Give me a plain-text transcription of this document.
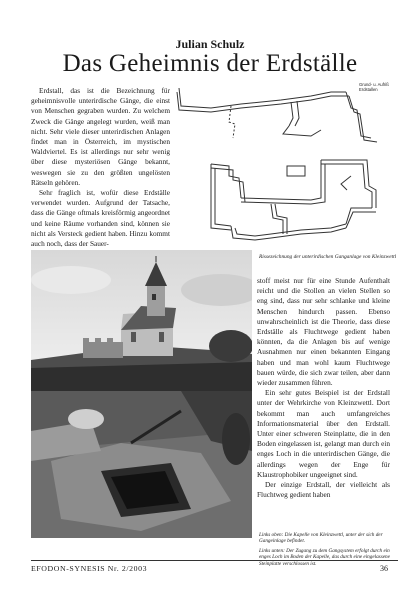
Julian Schulz
Das Geheimnis der Erdställe

Erdstall, das ist die Bezeichnung für geheimnisvolle unterirdische Gänge, die einst von Menschen gegraben wurden. Zu welchem Zweck die Gänge angelegt wurden, weiß man nicht. Sehr viele dieser unterirdischen Anlagen findet man in Österreich, im mystischen Waldviertel. Es ist allerdings nur sehr wenig über diese mysteriösen Gänge bekannt, weswegen sie zu den größten ungelösten Rätseln gehören.

Sehr fraglich ist, wofür diese Erdställe verwendet wurden. Aufgrund der Tatsache, dass die Gänge oftmals kreisförmig angeordnet und keine Räume vorhanden sind, können sie nicht als Versteck gedient haben. Hinzu kommt auch noch, dass der Sauer-

Grund- u. Aufriß
Erdstallen
Rissezeichnung der unterirdischen Ganganlage von Kleinzwettl

stoff meist nur für eine Stunde Aufenthalt reicht und die Stollen an vielen Stellen so eng sind, dass nur sehr schlanke und kleine Menschen hindurch passen. Ebenso unwahrscheinlich ist die Theorie, dass diese Erdställe als Fluchtwege gedient haben könnten, da die Anlagen bis auf wenige Ausnahmen nur einen bekannten Eingang haben und man wohl kaum Fluchtwege bauen würde, die sich zwar teilen, aber dann wieder zusammen führen.

Ein sehr gutes Beispiel ist der Erdstall unter der Wehrkirche von Kleinzwettl. Dort bekommt man auch umfangreiches Informationsmaterial über den Erdstall. Unter einer schweren Steinplatte, die in den Boden eingelassen ist, gelangt man durch ein enges Loch in die unterirdischen Gänge, die allerdings wegen der Enge für Klaustrophobiker ungeeignet sind.

Der einzige Erdstall, der vielleicht als Fluchtweg gedient haben

Links oben: Die Kapelle von Kleinzwettl, unter der sich der Gangeinlage befindet.

Links unten: Der Zugang zu dem Gangsystem erfolgt durch ein enges Loch im Boden der Kapelle, das durch eine eingelassene Steinplatte verschlossen ist.

EFODON-SYNESIS Nr. 2/2003	36
